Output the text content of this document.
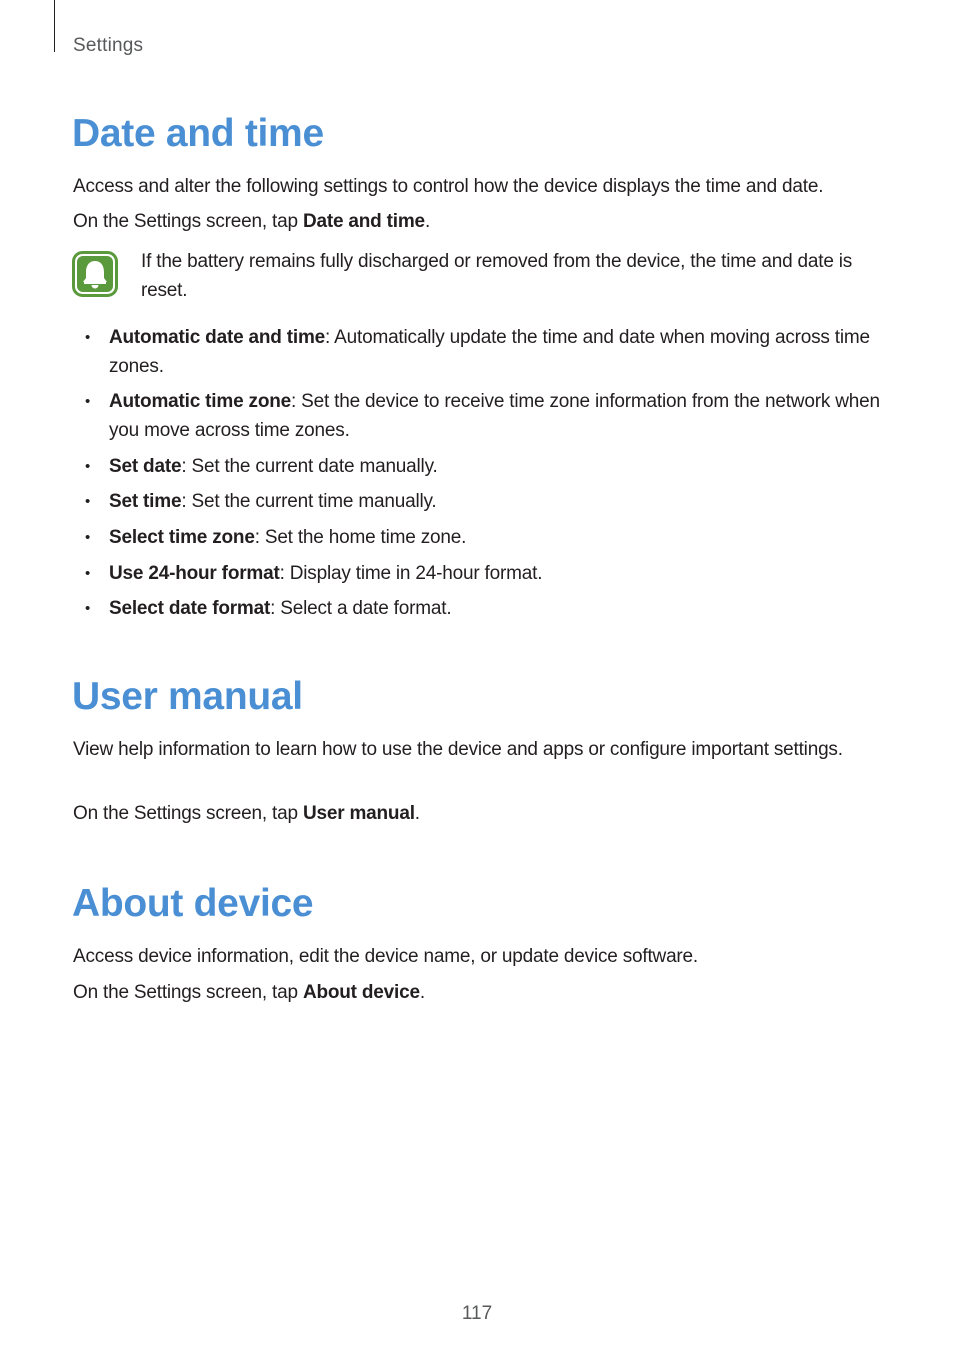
Settings
Date and time

Access and alter the following settings to control how the device displays the time and date.

On the Settings screen, tap Date and time.

If the battery remains fully discharged or removed from the device, the time and date is reset.

• Automatic date and time: Automatically update the time and date when moving across time zones.
• Automatic time zone: Set the device to receive time zone information from the network when you move across time zones.
• Set date: Set the current date manually.
• Set time: Set the current time manually.
• Select time zone: Set the home time zone.
• Use 24-hour format: Display time in 24-hour format.
• Select date format: Select a date format.
User manual

View help information to learn how to use the device and apps or configure important settings.

On the Settings screen, tap User manual.

About device

Access device information, edit the device name, or update device software.

On the Settings screen, tap About device.

117
